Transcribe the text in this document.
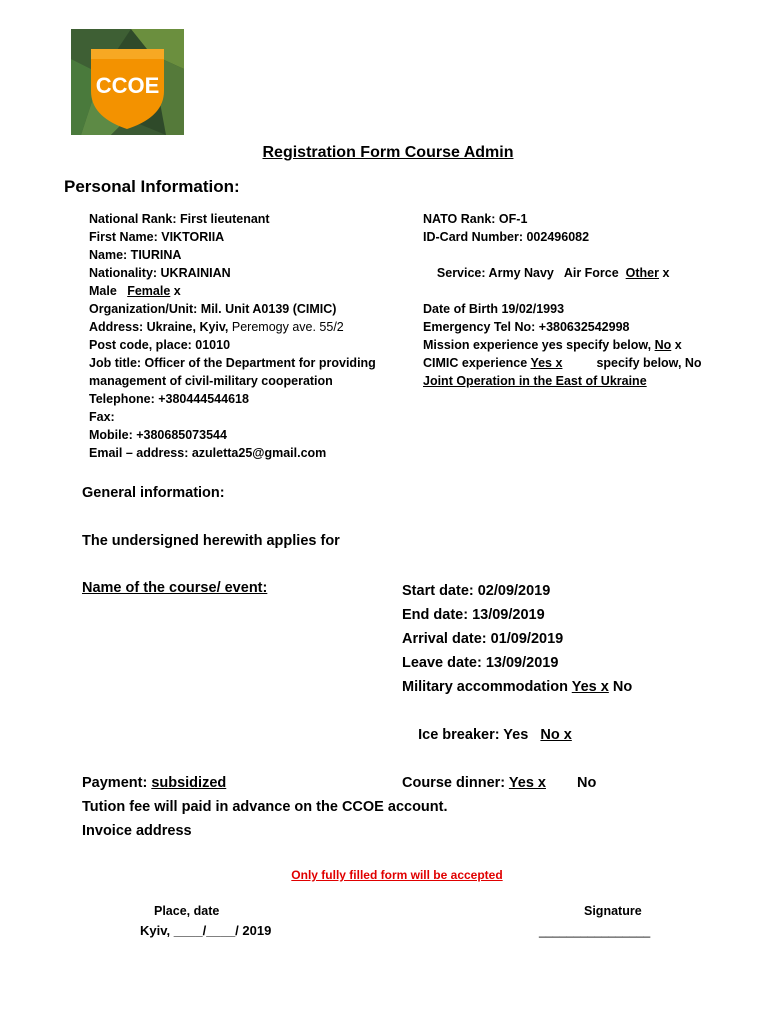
CCOE
Registration Form Course Admin
Personal Information:
National Rank: First lieutenant
First Name: VIKTORIIA
Name: TIURINA
Nationality: UKRAINIAN
Male Female x
Organization/Unit: Mil. Unit A0139 (CIMIC)
Address: Ukraine, Kyiv, Peremogy ave. 55/2
Post code, place: 01010
Job title: Officer of the Department for providing
management of civil-military cooperation
Telephone: +380444544618
Fax:
Mobile: +380685073544
Email – address: azuletta25@gmail.com
NATO Rank: OF-1
ID-Card Number: 002496082

Service: Army Navy   Air Force  Other x

Date of Birth 19/02/1993
Emergency Tel No: +380632542998
Mission experience yes specify below, No x
CIMIC experience Yes x	specify below, No
Joint Operation in the East of Ukraine
General information:
The undersigned herewith applies for
Name of the course/ event:	Start date: 02/09/2019
End date: 13/09/2019
Arrival date: 01/09/2019
Leave date: 13/09/2019
Military accommodation Yes x No

Ice breaker: Yes   No x

Course dinner: Yes x No
Payment: subsidized
Tution fee will paid in advance on the CCOE account.
Invoice address
Only fully filled form will be accepted
Place, date
Kyiv, ____/____/ 2019
Signature
________________
